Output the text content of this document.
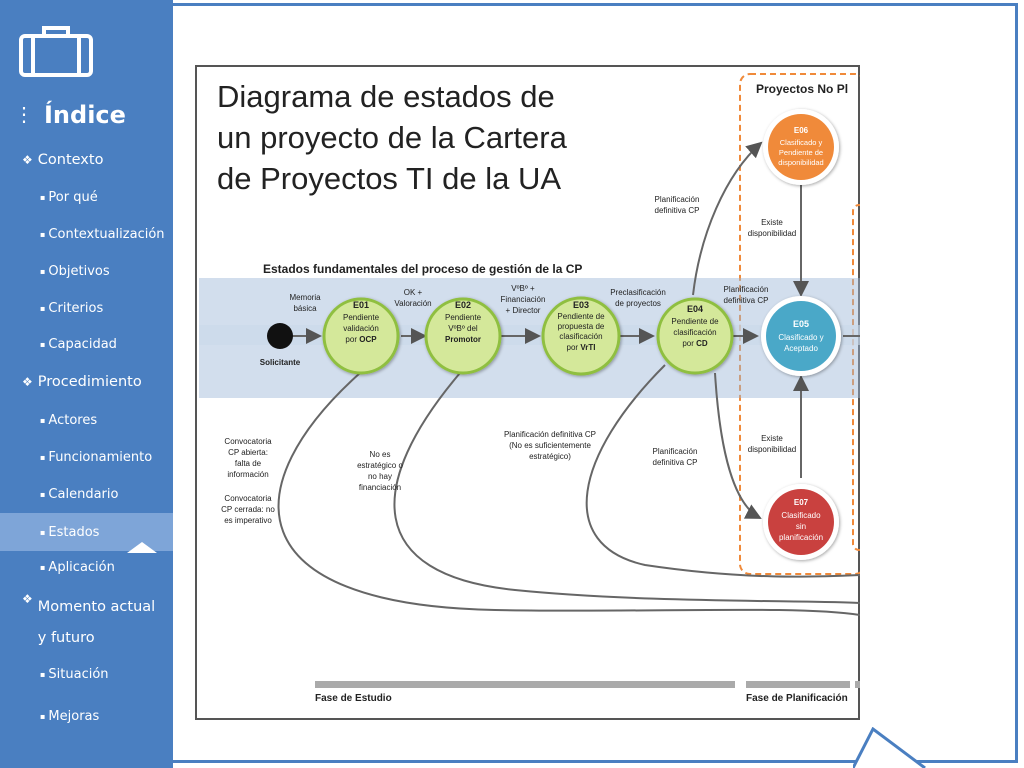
⋮ Índice
❖ Contexto
▪ Por qué
▪ Contextualización
▪ Objetivos
▪ Criterios
▪ Capacidad
❖ Procedimiento
▪ Actores
▪ Funcionamiento
▪ Calendario
▪ Estados
▪ Aplicación
❖ Momento actual y futuro
▪ Situación
▪ Mejoras
Diagrama de estados de
un proyecto de la Cartera
de Proyectos TI de la UA
Proyectos No Pl
Estados fundamentales del proceso de gestión de la CP
Solicitante
E01
Pendiente
validación
por OCP
E02
Pendiente
VºBº del
Promotor
E03
Pendiente de
propuesta de
clasificación
por VrTI
E04
Pendiente de
clasificación
por CD
E05
Clasificado y
Aceptado
E06
Clasificado y
Pendiente de
disponibilidad
E07
Clasificado
sin
planificación
Memoria
básica
OK +
Valoración
VºBº +
Financiación
+ Director
Preclasificación
de proyectos
Planificación
definitiva CP
Planificación
definitiva CP
Existe
disponibilidad
Existe
disponibilidad
Convocatoria
CP abierta:
falta de
información
Convocatoria
CP cerrada: no
es imperativo
No es
estratégico o
no hay
financiación
Planificación definitiva CP
(No es suficientemente
estratégico)
Planificación
definitiva CP
Fase de Estudio	Fase de Planificación
